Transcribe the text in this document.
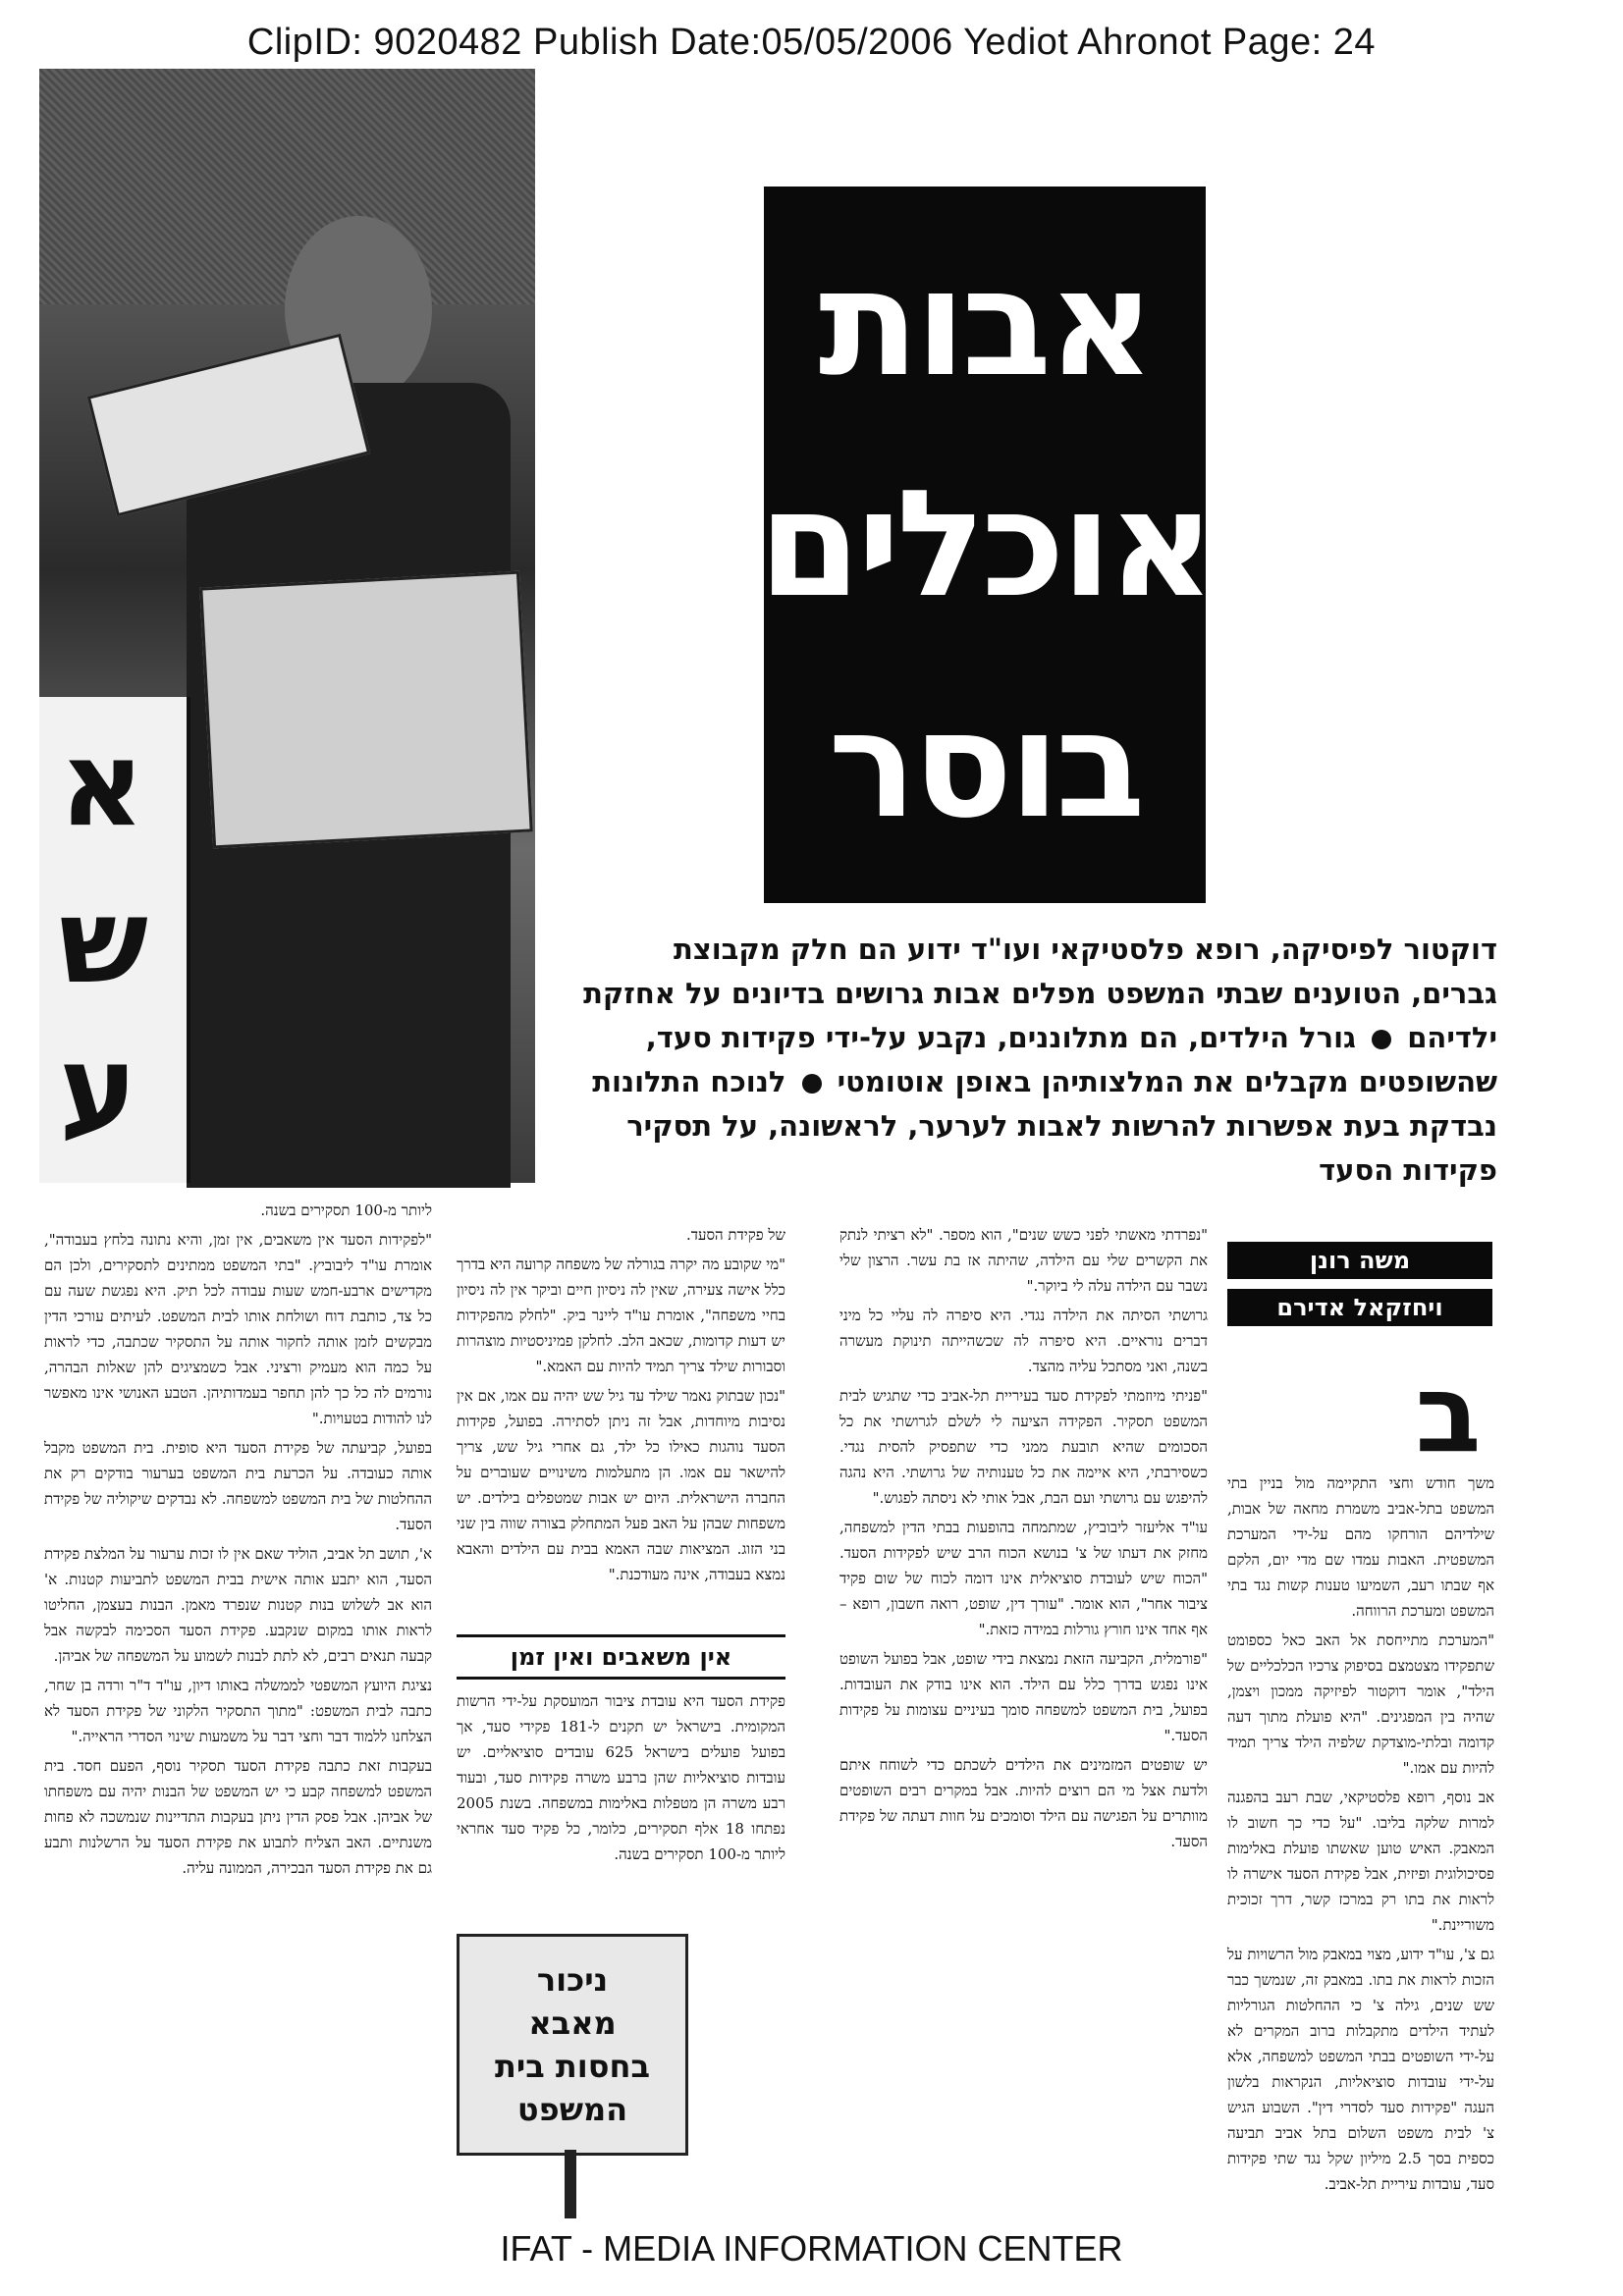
ClipID: 9020482 Publish Date:05/05/2006 Yediot Ahronot Page: 24
א
ש
ע
אבות
אוכלים
בוסר
דוקטור לפיסיקה, רופא פלסטיקאי ועו"ד ידוע הם חלק מקבוצת גברים, הטוענים שבתי המשפט מפלים אבות גרושים בדיונים על אחזקת ילדיהם  גורל הילדים, הם מתלוננים, נקבע על-ידי פקידות סעד, שהשופטים מקבלים את המלצותיהן באופן אוטומטי  לנוכח התלונות נבדקת בעת אפשרות להרשות לאבות לערער, לראשונה, על תסקיר פקידות הסעד
משה רונן
ויחזקאל אדירם
ב

משך חודש וחצי התקיימה מול בניין בתי המשפט בתל-אביב משמרת מחאה של אבות, שילדיהם הורחקו מהם על-ידי המערכת המשפטית. האבות עמדו שם מדי יום, הלקם אף שבתו רעב, השמיעו טענות קשות נגד בתי המשפט ומערכת הרווחה.

"המערכת מתייחסת אל האב כאל כספומט שתפקידו מצטמצם בסיפוק צרכיו הכלכליים של הילד", אומר דוקטור לפיזיקה ממכון ויצמן, שהיה בין המפגינים. "היא פועלת מתוך דעה קדומה ובלתי-מוצדקת שלפיה הילד צריך תמיד להיות עם אמו."

אב נוסף, רופא פלסטיקאי, שבת רעב בהפגנה למרות שלקה בליבו. "על כדי כך חשוב לו המאבק. האיש טוען שאשתו פועלת באלימות פסיכולוגית ופיזית, אבל פקידת הסעד אישרה לו לראות את בתו רק במרכז קשר, דרך זכוכית משוריינת."

גם צ', עו"ד ידוע, מצוי במאבק מול הרשויות על הזכות לראות את בתו. במאבק זה, שנמשך כבר שש שנים, גילה צ' כי ההחלטות הגורליות לעתיד הילדים מתקבלות ברוב המקרים לא על-ידי השופטים בבתי המשפט למשפחה, אלא על-ידי עובדות סוציאליות, הנקראות בלשון העגה "פקידות סעד לסדרי דין". השבוע הגיש צ' לבית משפט השלום בתל אביב תביעה כספית בסך 2.5 מיליון שקל נגד שתי פקידות סעד, עובדות עיריית תל-אביב.

"נפרדתי מאשתי לפני כשש שנים", הוא מספר. "לא רציתי לנתק את הקשרים שלי עם הילדה, שהיתה אז בת עשר. הרצון שלי נשבר עם הילדה עלה לי ביוקר."

גרושתי הסיתה את הילדה נגדי. היא סיפרה לה עליי כל מיני דברים נוראיים. היא סיפרה לה שכשהייתה תינוקת מעשרה בשנה, ואני מסתכל עליה מהצד.

"פניתי מיוזמתי לפקידת סעד בעיריית תל-אביב כדי שתגיש לבית המשפט תסקיר. הפקידה הציעה לי לשלם לגרושתי את כל הסכומים שהיא תובעת ממני כדי שתפסיק להסית נגדי. כשסירבתי, היא איימה את כל טענותיה של גרושתי. היא נהגה להיפגש עם גרושתי ועם הבת, אבל אותי לא ניסתה לפגוש."

עו"ד אליעזר ליבוביץ, שמתמחה בהופעות בבתי הדין למשפחה, מחזק את דעתו של צ' בנושא הכוח הרב שיש לפקידות הסעד. "הכוח שיש לעובדת סוציאלית אינו דומה לכוח של שום פקיד ציבור אחר", הוא אומר. "עורך דין, שופט, רואה חשבון, רופא – אף אחד אינו חורץ גורלות במידה כזאת."

"פורמלית, הקביעה הזאת נמצאת בידי שופט, אבל בפועל השופט אינו נפגש בדרך כלל עם הילד. הוא אינו בודק את העובדות. בפועל, בית המשפט למשפחה סומך בעיניים עצומות על פקידות הסעד."

יש שופטים המזמינים את הילדים לשכתם כדי לשוחח איתם ולדעת אצל מי הם רוצים להיות. אבל במקרים רבים השופטים מוותרים על הפגישה עם הילד וסומכים על חוות דעתה של פקידת הסעד.

של פקידת הסעד.

"מי שקובע מה יקרה בגורלה של משפחה קרועה היא בדרך כלל אישה צעירה, שאין לה ניסיון חיים וביקר אין לה ניסיון בחיי משפחה", אומרת עו"ד ליינר ביק. "לחלק מהפקידות יש דעות קדומות, שכאב הלב. לחלקן פמיניסטיות מוצהרות וסבורות שילד צריך תמיד להיות עם האמא."

"נכון שבתוק נאמר שילד עד גיל שש יהיה עם אמו, אם אין נסיבות מיוחדות, אבל זה ניתן לסתירה. בפועל, פקידות הסעד נוהגות כאילו כל ילד, גם אחרי גיל שש, צריך להישאר עם אמו. הן מתעלמות משינויים שעוברים על החברה הישראלית. היום יש אבות שמטפלים בילדים. יש משפחות שבהן על האב פעל המתחלק בצורה שווה בין שני בני הזוג. המציאות שבה האמא בבית עם הילדים והאבא נמצא בעבודה, אינה מעודכנת."

אין משאבים ואין זמן

פקידת הסעד היא עובדת ציבור המועסקת על-ידי הרשות המקומית. בישראל יש תקנים ל-181 פקידי סעד, אך בפועל פועלים בישראל 625 עובדים סוציאליים. יש עובדות סוציאליות שהן ברבע משרה פקידות סעד, ובעוד רבע משרה הן מטפלות באלימות במשפחה. בשנת 2005 נפתחו 18 אלף תסקירים, כלומר, כל פקיד סעד אחראי ליותר מ-100 תסקירים בשנה.

ניכור
מאבא
בחסות בית
המשפט

ליותר מ-100 תסקירים בשנה.

"לפקידות הסעד אין משאבים, אין זמן, והיא נתונה בלחץ בעבודה", אומרת עו"ד ליבוביץ. "בתי המשפט ממתינים לתסקירים, ולכן הם מקדישים ארבע-חמש שעות עבודה לכל תיק. היא נפגשת שעה עם כל צד, כותבת דוח ושולחת אותו לבית המשפט. לעיתים עורכי הדין מבקשים לזמן אותה לחקור אותה על התסקיר שכתבה, כדי לראות על כמה הוא מעמיק ורציני. אבל כשמציגים להן שאלות הבהרה, נורמים לה כל כך להן תחפר בעמדותיהן. הטבע האנושי אינו מאפשר לנו להודות בטעויות."

בפועל, קביעתה של פקידת הסעד היא סופית. בית המשפט מקבל אותה כעובדה. על הכרעת בית המשפט בערעור בודקים רק את ההחלטות של בית המשפט למשפחה. לא נבדקים שיקוליה של פקידת הסעד.

א', תושב תל אביב, הוליד שאם אין לו זכות ערעור על המלצת פקידת הסעד, הוא יתבע אותה אישית בבית המשפט לתביעות קטנות. א' הוא אב לשלוש בנות קטנות שנפרד מאמן. הבנות בעצמן, החליטו לראות אותו במקום שנקבע. פקידת הסעד הסכימה לבקשה אבל קבעה תנאים רבים, לא לתת לבנות לשמוע על המשפחה של אביהן.

נציגת היועץ המשפטי לממשלה באותו דיון, עו"ד ד"ר ורדה בן שחר, כתבה לבית המשפט: "מתוך התסקיר הלקוני של פקידת הסעד לא הצלחנו ללמוד דבר וחצי דבר על משמעות שינוי הסדרי הראייה."

בעקבות זאת כתבה פקידת הסעד תסקיר נוסף, הפעם חסד. בית המשפט למשפחה קבע כי יש המשפט של הבנות יהיה עם משפחתו של אביהן. אבל פסק הדין ניתן בעקבות התדיינות שנמשכה לא פחות משנתיים. האב הצליח לתבוע את פקידת הסעד על הרשלנות ותבע גם את פקידת הסעד הבכירה, הממונה עליה.

IFAT - MEDIA INFORMATION CENTER
